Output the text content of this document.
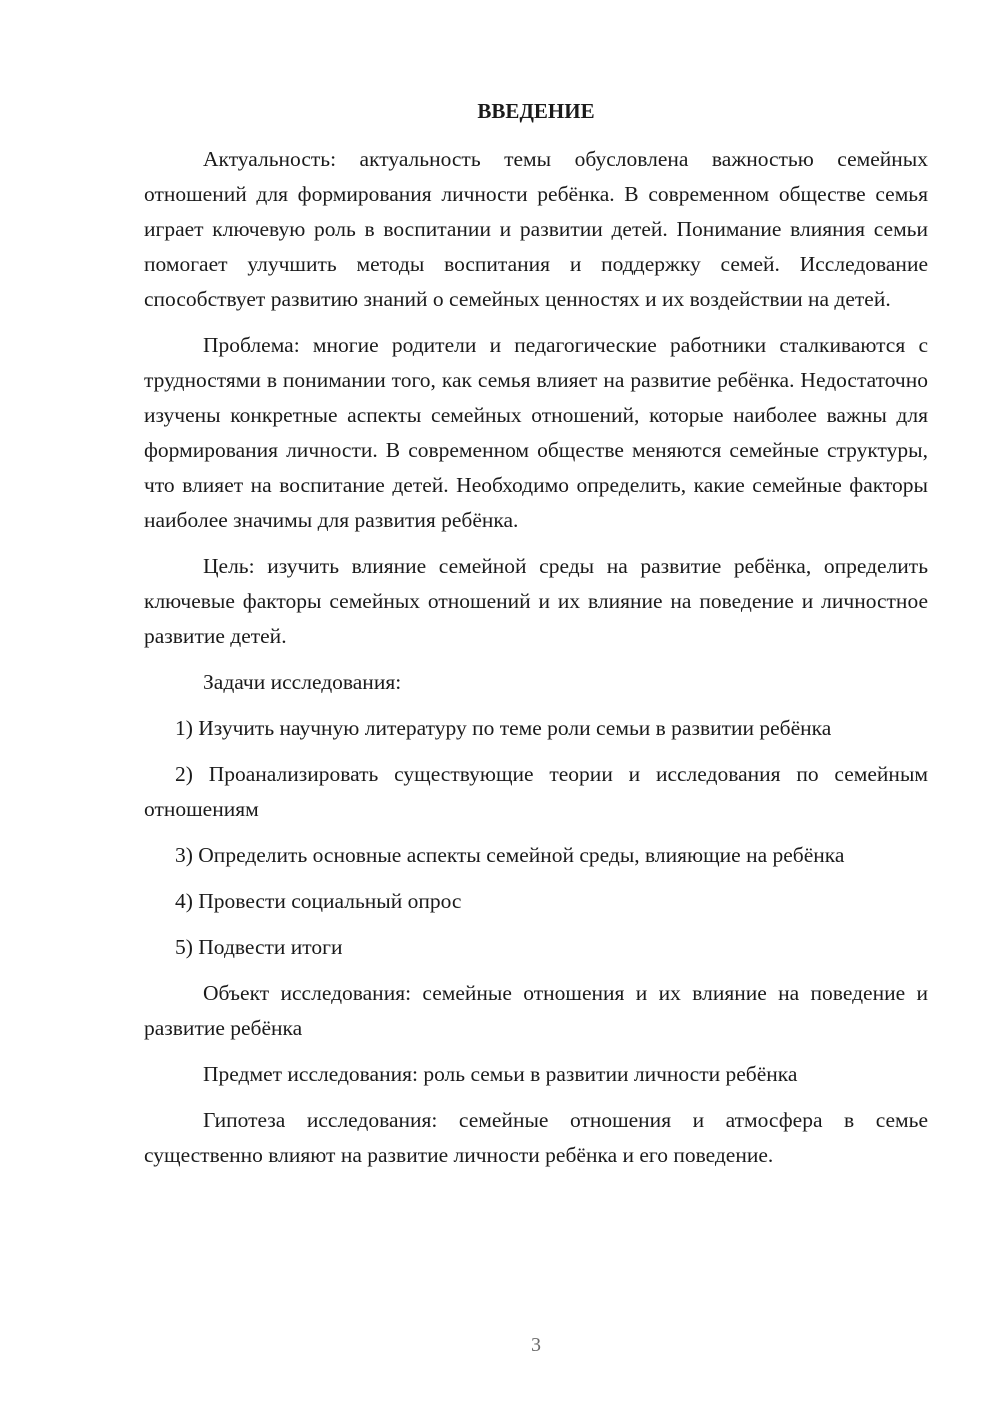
ВВЕДЕНИЕ

Актуальность: актуальность темы обусловлена важностью семейных отношений для формирования личности ребёнка. В современном обществе семья играет ключевую роль в воспитании и развитии детей. Понимание влияния семьи помогает улучшить методы воспитания и поддержку семей. Исследование способствует развитию знаний о семейных ценностях и их воздействии на детей.

Проблема: многие родители и педагогические работники сталкиваются с трудностями в понимании того, как семья влияет на развитие ребёнка. Недостаточно изучены конкретные аспекты семейных отношений, которые наиболее важны для формирования личности. В современном обществе меняются семейные структуры, что влияет на воспитание детей. Необходимо определить, какие семейные факторы наиболее значимы для развития ребёнка.

Цель: изучить влияние семейной среды на развитие ребёнка, определить ключевые факторы семейных отношений и их влияние на поведение и личностное развитие детей.

Задачи исследования:

1) Изучить научную литературу по теме роли семьи в развитии ребёнка

2) Проанализировать существующие теории и исследования по семейным отношениям

3) Определить основные аспекты семейной среды, влияющие на ребёнка

4) Провести социальный опрос

5) Подвести итоги

Объект исследования: семейные отношения и их влияние на поведение и развитие ребёнка

Предмет исследования: роль семьи в развитии личности ребёнка

Гипотеза исследования: семейные отношения и атмосфера в семье существенно влияют на развитие личности ребёнка и его поведение.

3
